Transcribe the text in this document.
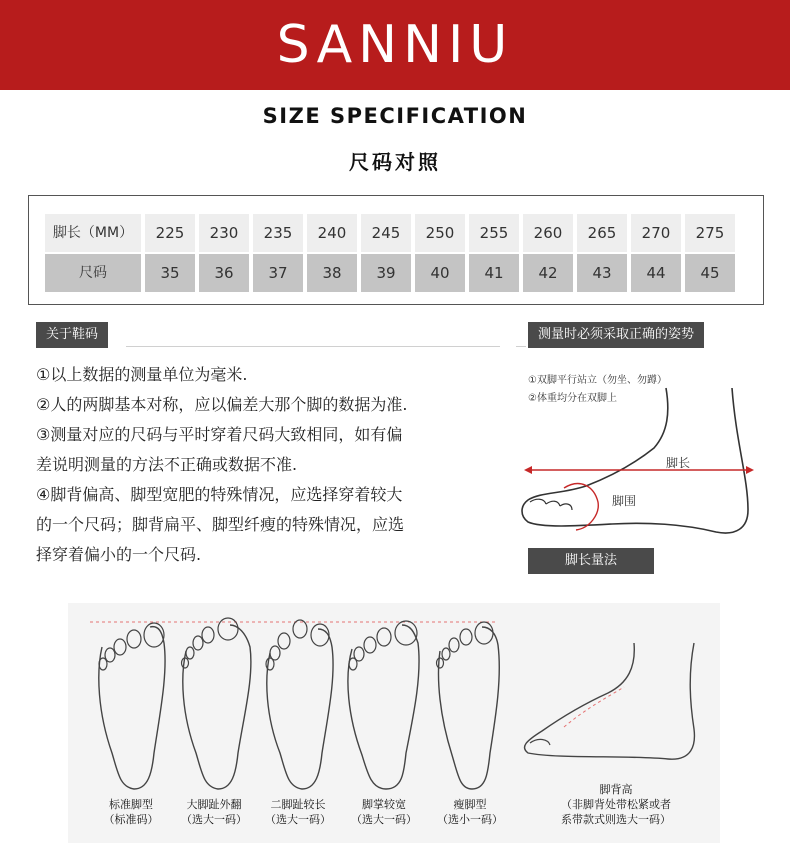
SANNIU
SIZE SPECIFICATION
尺码对照
脚长（MM）	225	230	235	240	245	250	255	260	265	270	275
尺码	35	36	37	38	39	40	41	42	43	44	45
关于鞋码
①以上数据的测量单位为毫米.
②人的两脚基本对称，应以偏差大那个脚的数据为准.
③测量对应的尺码与平时穿着尺码大致相同，如有偏
差说明测量的方法不正确或数据不准.
④脚背偏高、脚型宽肥的特殊情况，应选择穿着较大
的一个尺码；脚背扁平、脚型纤瘦的特殊情况，应选
择穿着偏小的一个尺码.
测量时必须采取正确的姿势
①双脚平行站立（勿坐、勿蹲）
②体重均分在双脚上
脚长
脚围
脚长量法
标准脚型
（标准码）
大脚趾外翻
（选大一码）
二脚趾较长
（选大一码）
脚掌较宽
（选大一码）
瘦脚型
（选小一码）
脚背高
（非脚背处带松紧或者
系带款式则选大一码）
